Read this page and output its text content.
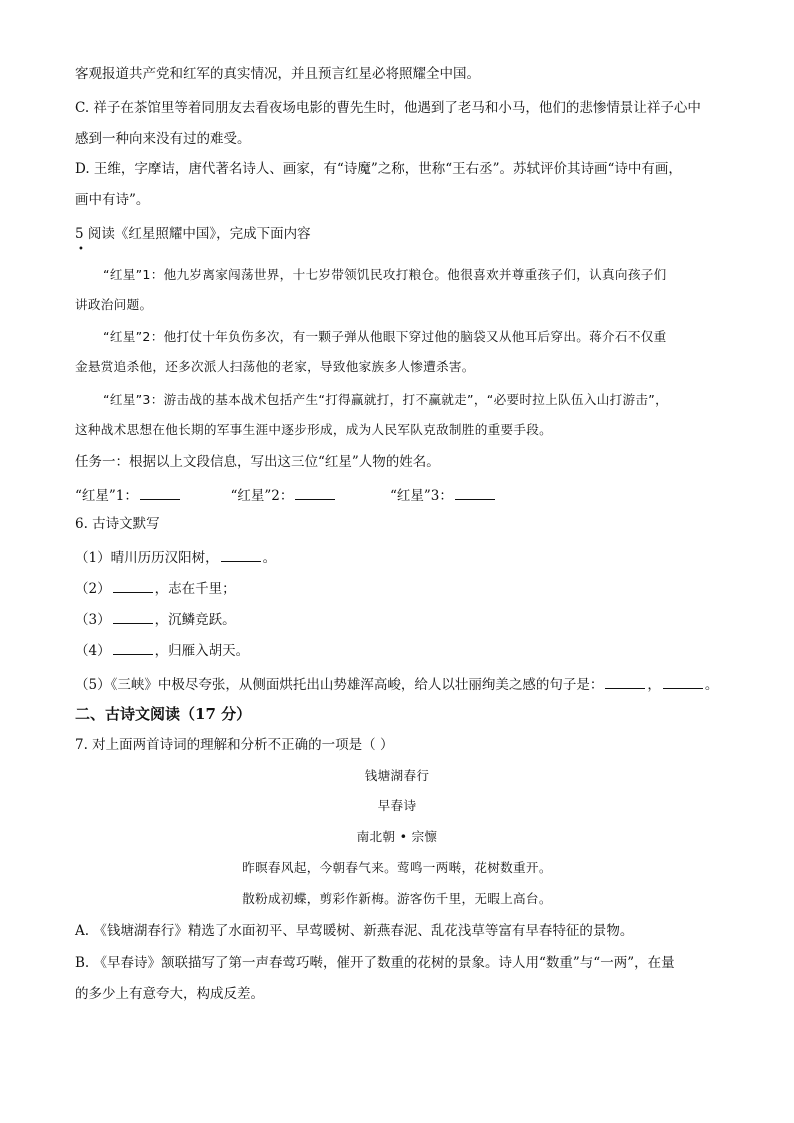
客观报道共产党和红军的真实情况，并且预言红星必将照耀全中国。
C. 祥子在茶馆里等着同朋友去看夜场电影的曹先生时，他遇到了老马和小马，他们的悲惨情景让祥子心中
感到一种向来没有过的难受。
D. 王维，字摩诘，唐代著名诗人、画家，有“诗魔”之称，世称“王右丞”。苏轼评价其诗画“诗中有画，
画中有诗”。
5 阅读《红星照耀中国》，完成下面内容
•
“红星”1：他九岁离家闯荡世界，十七岁带领饥民攻打粮仓。他很喜欢并尊重孩子们，认真向孩子们
讲政治问题。
“红星”2：他打仗十年负伤多次，有一颗子弹从他眼下穿过他的脑袋又从他耳后穿出。蒋介石不仅重
金悬赏追杀他，还多次派人扫荡他的老家，导致他家族多人惨遭杀害。
“红星”3：游击战的基本战术包括产生“打得赢就打，打不赢就走”，“必要时拉上队伍入山打游击”，
这种战术思想在他长期的军事生涯中逐步形成，成为人民军队克敌制胜的重要手段。
任务一：根据以上文段信息，写出这三位“红星”人物的姓名。
“红星”1：	“红星”2：	“红星”3：
6. 古诗文默写
（1）晴川历历汉阳树，	。
（2）	，志在千里；
（3）	，沉鳞竞跃。
（4）	，归雁入胡天。
（5）《三峡》中极尽夸张，从侧面烘托出山势雄浑高峻，给人以壮丽绚美之感的句子是：	，	。
二、古诗文阅读（17 分）
7. 对上面两首诗词的理解和分析不正确的一项是（ ）
钱塘湖春行
早春诗
南北朝 • 宗懔
昨暝春风起，今朝春气来。莺鸣一两啭，花树数重开。
散粉成初蝶，剪彩作新梅。游客伤千里，无暇上高台。
A. 《钱塘湖春行》精选了水面初平、早莺暖树、新燕春泥、乱花浅草等富有早春特征的景物。
B. 《早春诗》颔联描写了第一声春莺巧啭，催开了数重的花树的景象。诗人用“数重”与“一两”，在量
的多少上有意夸大，构成反差。
